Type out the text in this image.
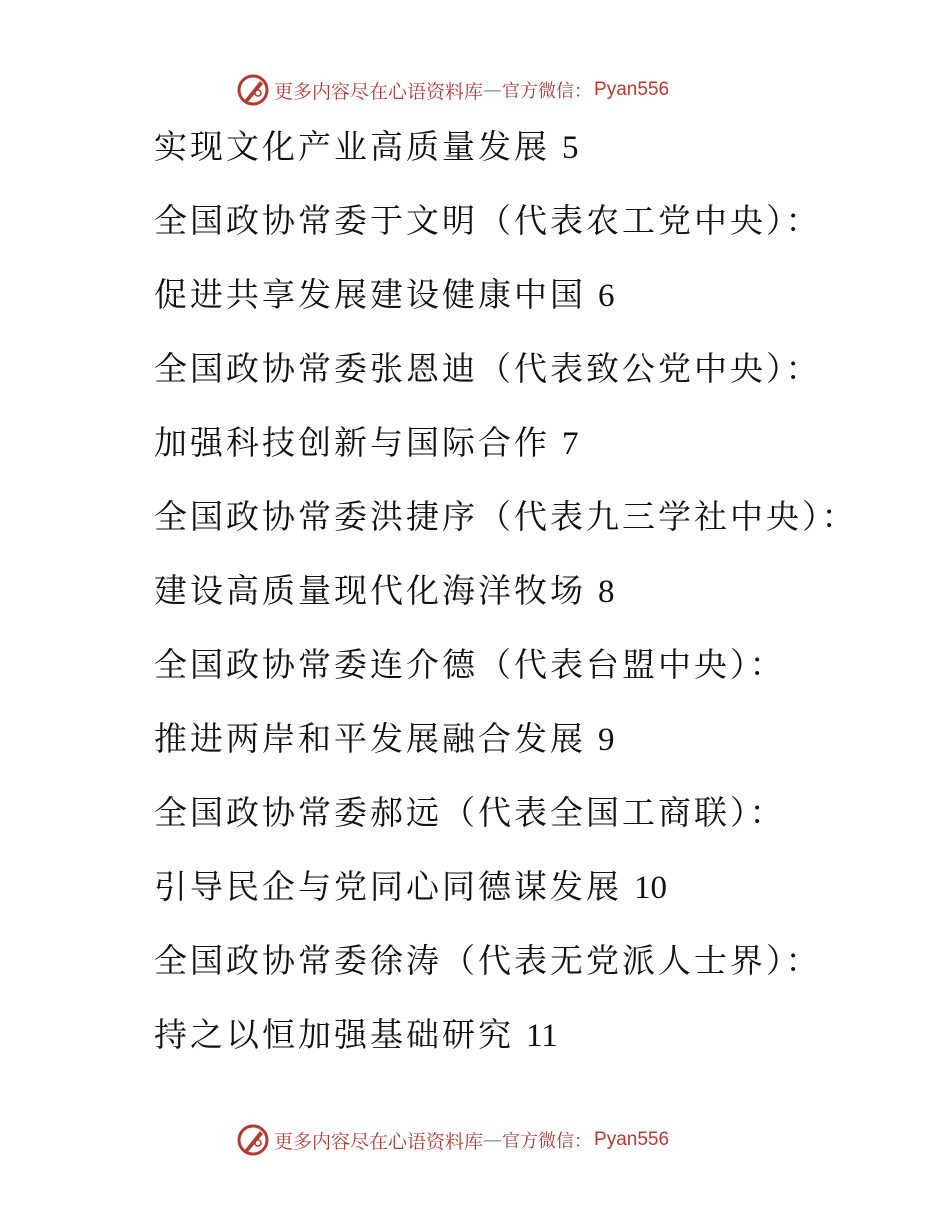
更多内容尽在心语资料库 — 官方微信： Pyan556
实现文化产业高质量发展 5
全国政协常委于文明（代表农工党中央）：
促进共享发展建设健康中国 6
全国政协常委张恩迪（代表致公党中央）：
加强科技创新与国际合作 7
全国政协常委洪捷序（代表九三学社中央）：
建设高质量现代化海洋牧场 8
全国政协常委连介德（代表台盟中央）：
推进两岸和平发展融合发展 9
全国政协常委郝远（代表全国工商联）：
引导民企与党同心同德谋发展 10
全国政协常委徐涛（代表无党派人士界）：
持之以恒加强基础研究 11
更多内容尽在心语资料库 — 官方微信： Pyan556
